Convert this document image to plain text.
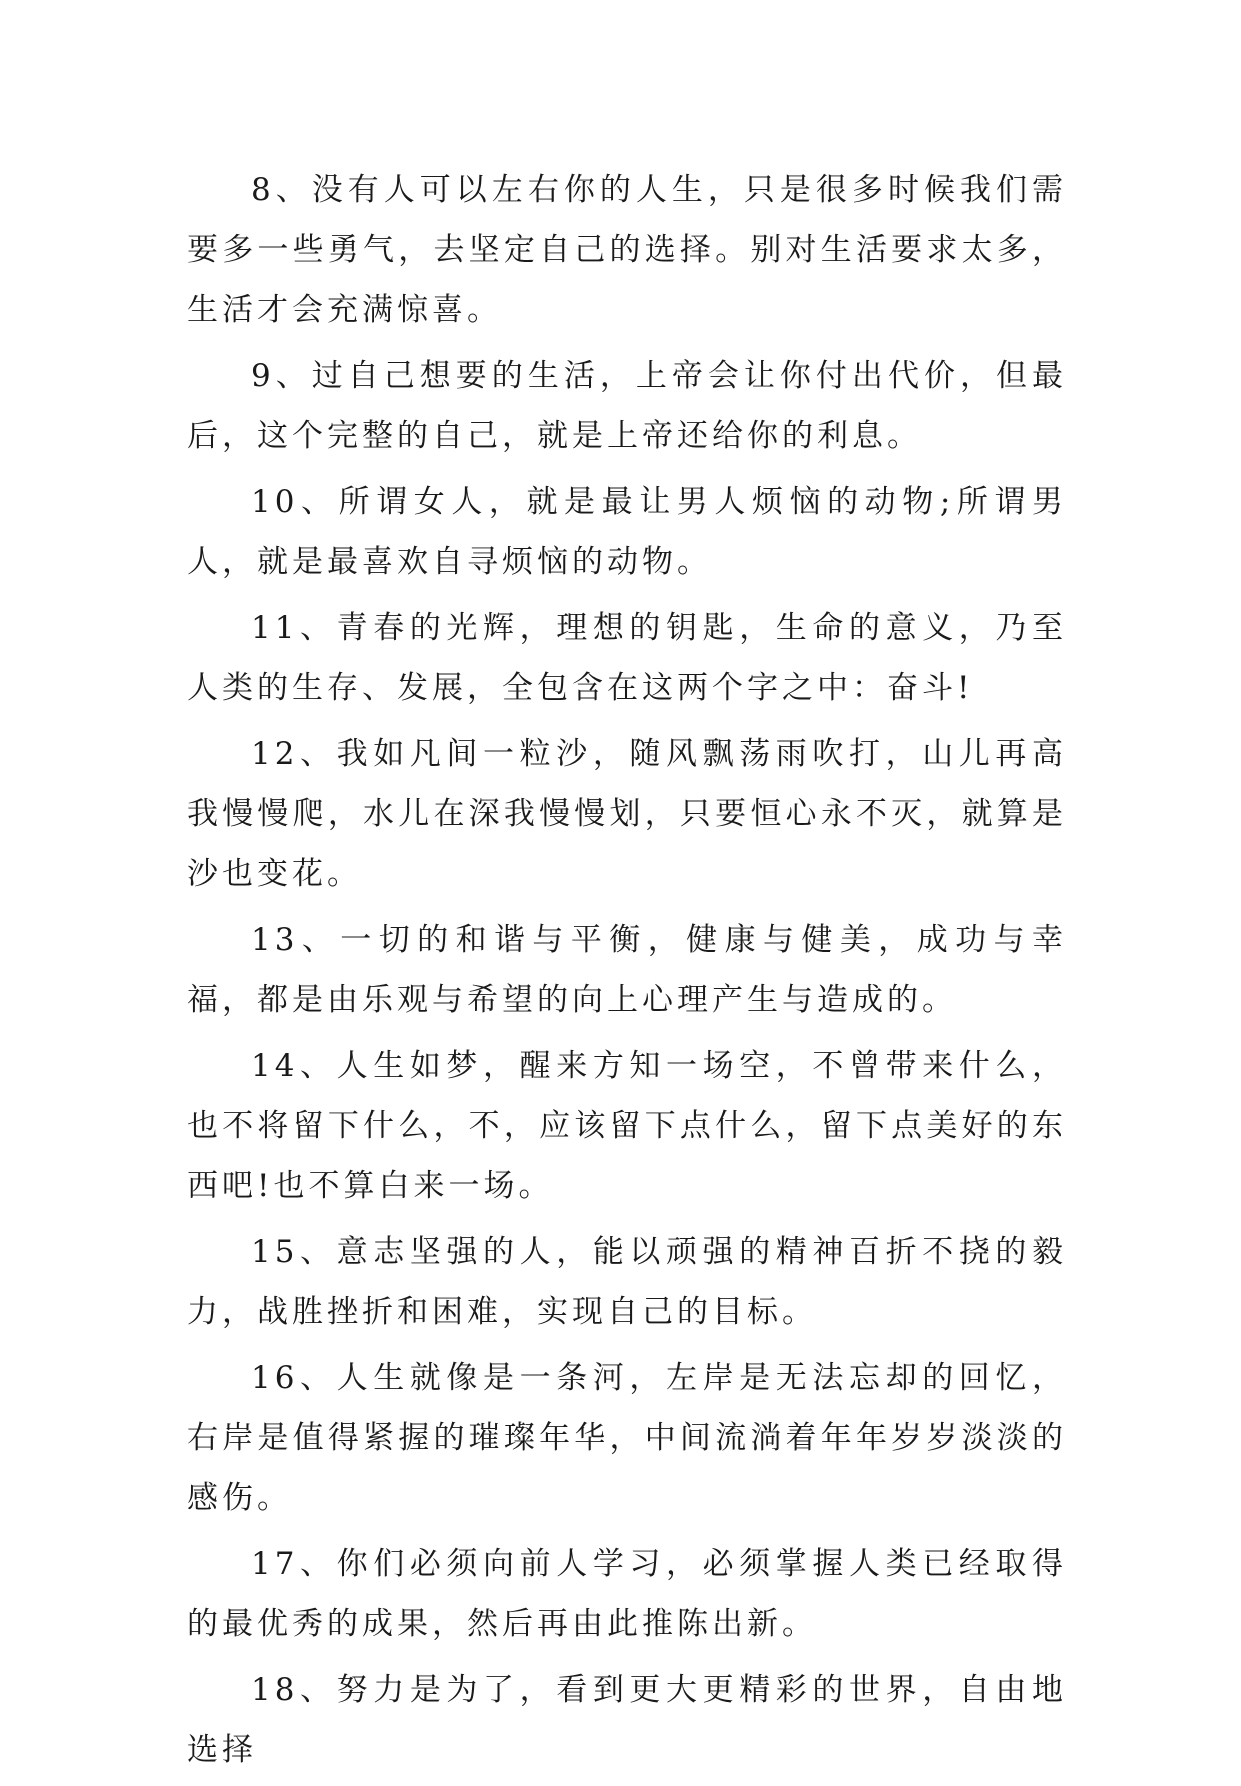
8、没有人可以左右你的人生，只是很多时候我们需要多一些勇气，去坚定自己的选择。别对生活要求太多，生活才会充满惊喜。

9、过自己想要的生活，上帝会让你付出代价，但最后，这个完整的自己，就是上帝还给你的利息。

10、所谓女人，就是最让男人烦恼的动物;所谓男人，就是最喜欢自寻烦恼的动物。

11、青春的光辉，理想的钥匙，生命的意义，乃至人类的生存、发展，全包含在这两个字之中：奋斗!

12、我如凡间一粒沙，随风飘荡雨吹打，山儿再高我慢慢爬，水儿在深我慢慢划，只要恒心永不灭，就算是沙也变花。

13、一切的和谐与平衡，健康与健美，成功与幸福，都是由乐观与希望的向上心理产生与造成的。

14、人生如梦，醒来方知一场空，不曾带来什么，也不将留下什么，不，应该留下点什么，留下点美好的东西吧!也不算白来一场。

15、意志坚强的人，能以顽强的精神百折不挠的毅力，战胜挫折和困难，实现自己的目标。

16、人生就像是一条河，左岸是无法忘却的回忆，右岸是值得紧握的璀璨年华，中间流淌着年年岁岁淡淡的感伤。

17、你们必须向前人学习，必须掌握人类已经取得的最优秀的成果，然后再由此推陈出新。

18、努力是为了，看到更大更精彩的世界，自由地选择
